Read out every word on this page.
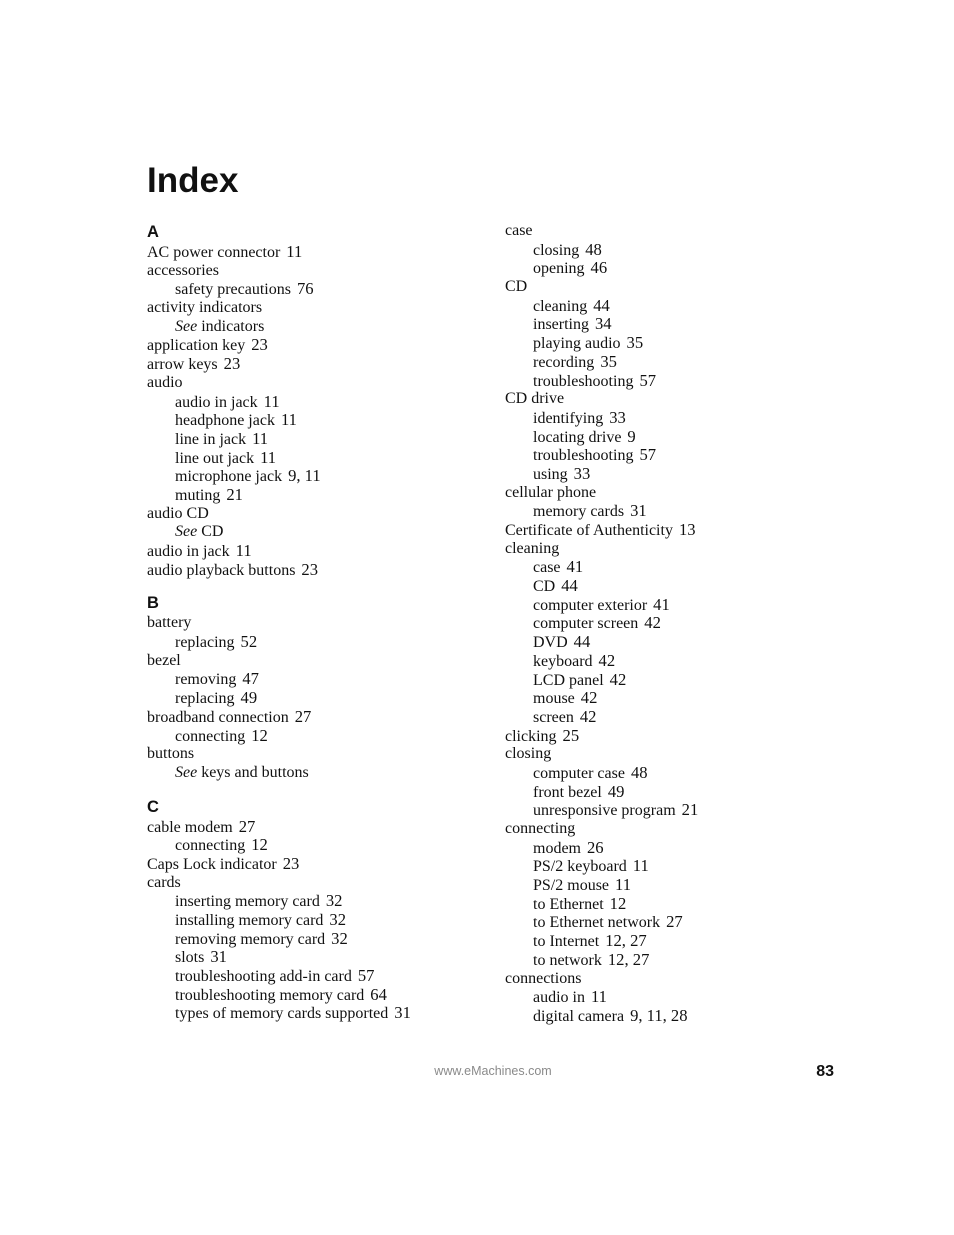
Index
A
AC power connector 11
accessories
safety precautions 76
activity indicators
See indicators
application key 23
arrow keys 23
audio
audio in jack 11
headphone jack 11
line in jack 11
line out jack 11
microphone jack 9, 11
muting 21
audio CD
See CD
audio in jack 11
audio playback buttons 23
B
battery
replacing 52
bezel
removing 47
replacing 49
broadband connection 27
connecting 12
buttons
See keys and buttons
C
cable modem 27
connecting 12
Caps Lock indicator 23
cards
inserting memory card 32
installing memory card 32
removing memory card 32
slots 31
troubleshooting add-in card 57
troubleshooting memory card 64
types of memory cards supported 31
case
closing 48
opening 46
CD
cleaning 44
inserting 34
playing audio 35
recording 35
troubleshooting 57
CD drive
identifying 33
locating drive 9
troubleshooting 57
using 33
cellular phone
memory cards 31
Certificate of Authenticity 13
cleaning
case 41
CD 44
computer exterior 41
computer screen 42
DVD 44
keyboard 42
LCD panel 42
mouse 42
screen 42
clicking 25
closing
computer case 48
front bezel 49
unresponsive program 21
connecting
modem 26
PS/2 keyboard 11
PS/2 mouse 11
to Ethernet 12
to Ethernet network 27
to Internet 12, 27
to network 12, 27
connections
audio in 11
digital camera 9, 11, 28
www.eMachines.com	83
